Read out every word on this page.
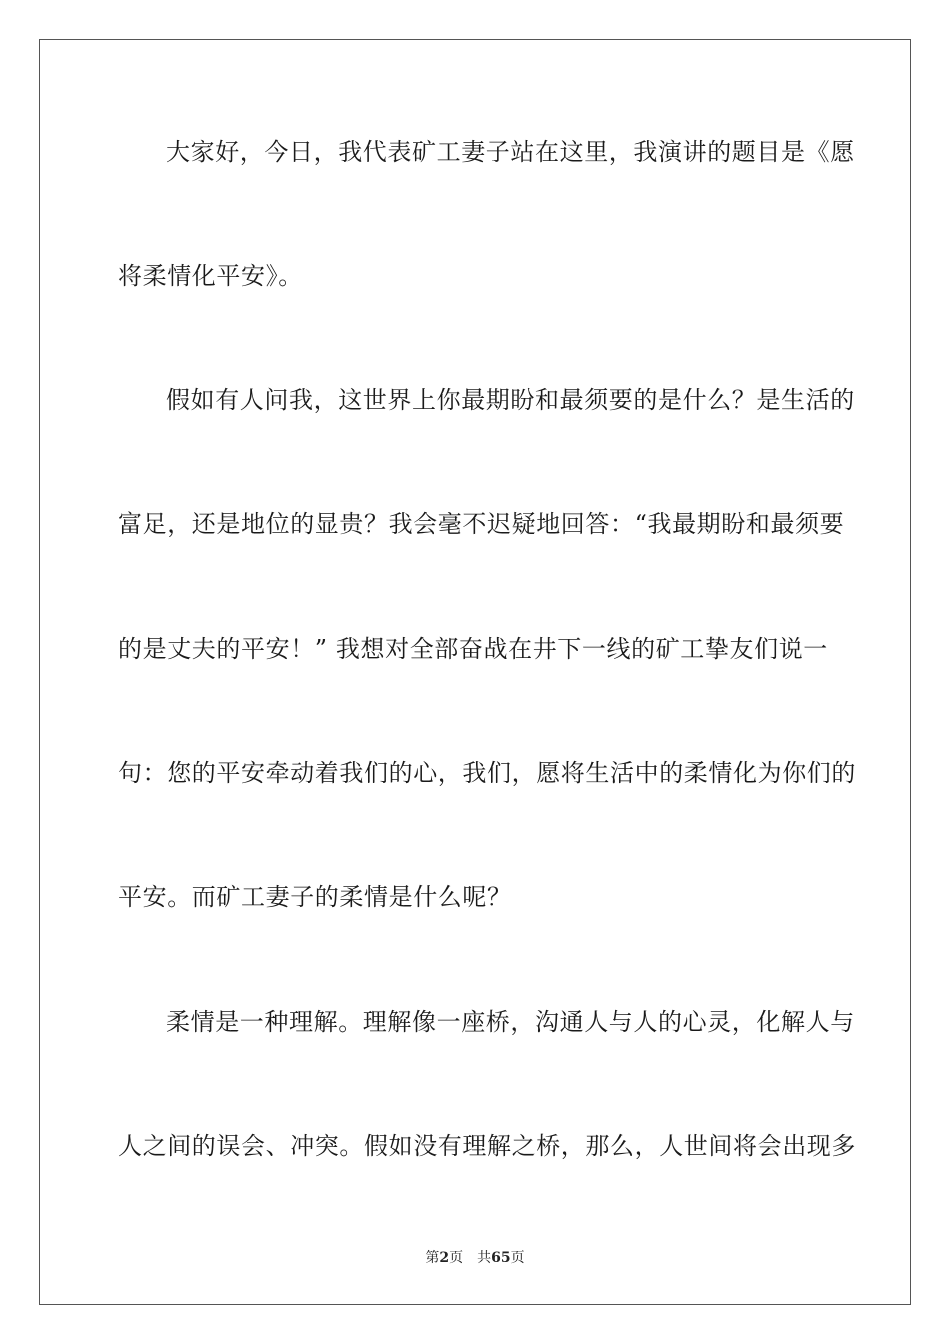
大家好，今日，我代表矿工妻子站在这里，我演讲的题目是《愿
将柔情化平安》。
假如有人问我，这世界上你最期盼和最须要的是什么？是生活的
富足，还是地位的显贵？我会毫不迟疑地回答：“我最期盼和最须要
的是丈夫的平安！” 我想对全部奋战在井下一线的矿工挚友们说一
句：您的平安牵动着我们的心，我们，愿将生活中的柔情化为你们的
平安。而矿工妻子的柔情是什么呢？
柔情是一种理解。理解像一座桥，沟通人与人的心灵，化解人与
人之间的误会、冲突。假如没有理解之桥，那么，人世间将会出现多
第2页 共65页
